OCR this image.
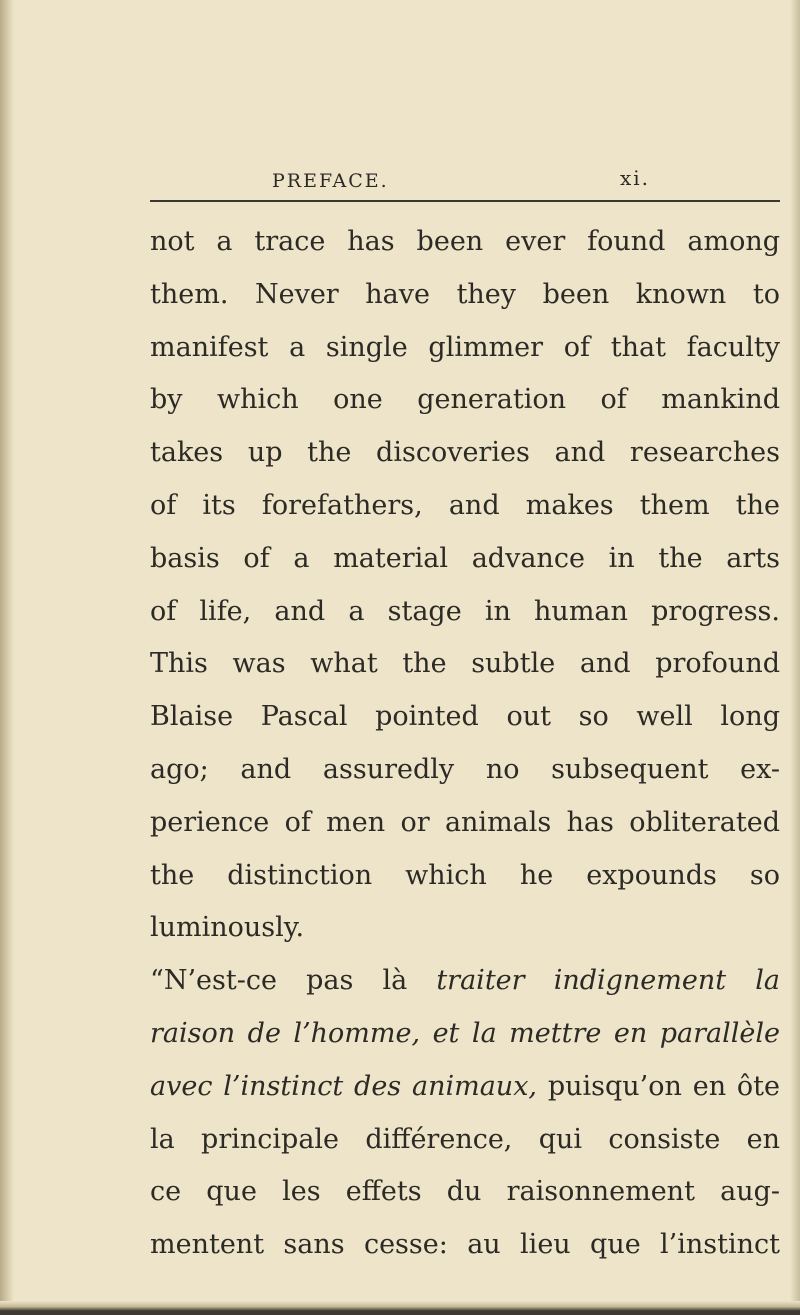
PREFACE.	xi.
not a trace has been ever found among
them. Never have they been known to
manifest a single glimmer of that faculty
by which one generation of mankind
takes up the discoveries and researches
of its forefathers, and makes them the
basis of a material advance in the arts
of life, and a stage in human progress.
This was what the subtle and profound
Blaise Pascal pointed out so well long
ago; and assuredly no subsequent ex-
perience of men or animals has obliterated
the distinction which he expounds so
luminously.
“N’est-ce pas là traiter indignement la
raison de l’homme, et la mettre en parallèle
avec l’instinct des animaux, puisqu’on en ôte
la principale différence, qui consiste en
ce que les effets du raisonnement aug-
mentent sans cesse: au lieu que l’instinct
